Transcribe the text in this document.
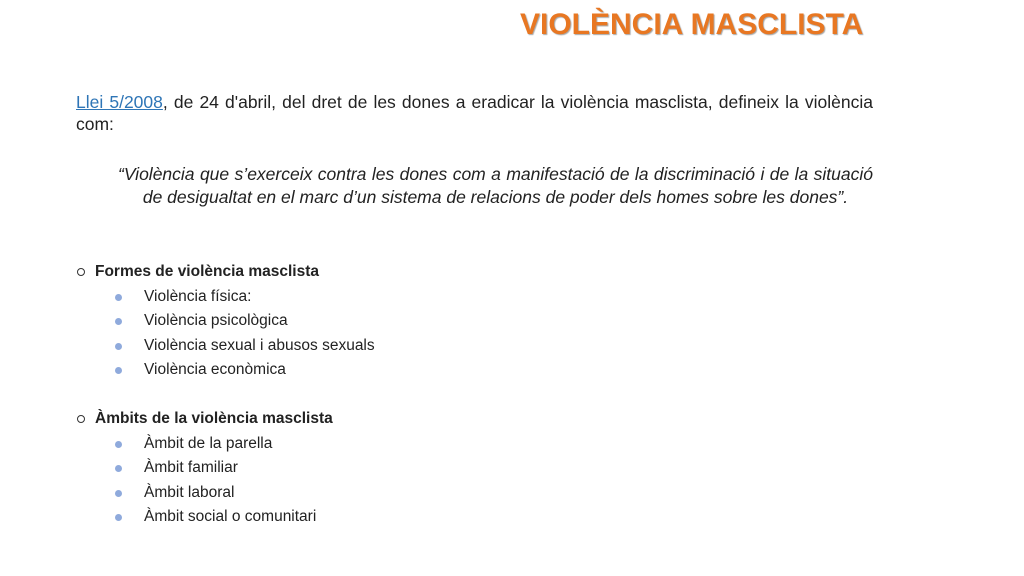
VIOLÈNCIA MASCLISTA

Llei 5/2008, de 24 d'abril, del dret de les dones a eradicar la violència masclista, defineix la violència com:

“Violència que s’exerceix contra les dones com a manifestació de la discriminació i de la situació de desigualtat en el marc d’un sistema de relacions de poder dels homes sobre les dones”.

Formes de violència masclista
Violència física:
Violència psicològica
Violència sexual i abusos sexuals
Violència econòmica
Àmbits de la violència masclista
Àmbit de la parella
Àmbit familiar
Àmbit laboral
Àmbit social o comunitari
